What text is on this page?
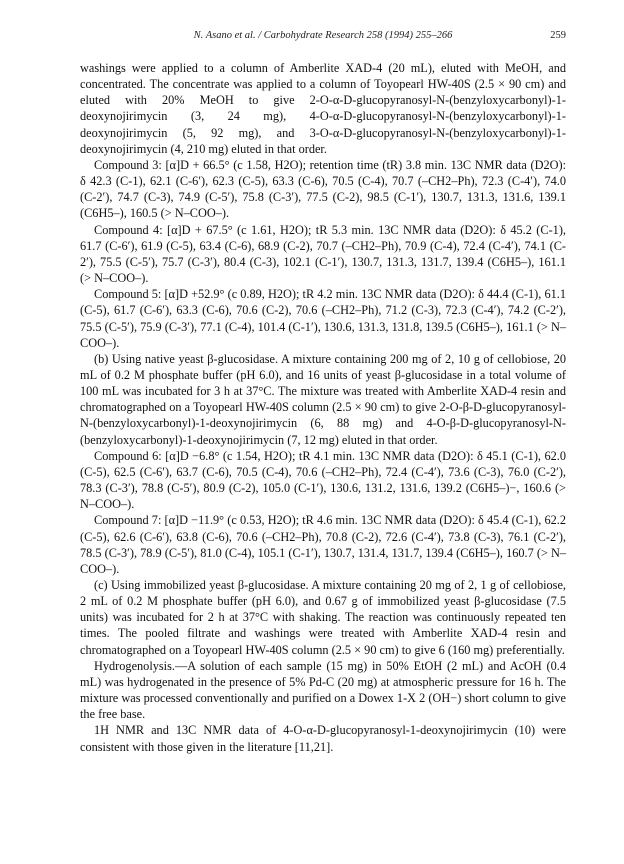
N. Asano et al. / Carbohydrate Research 258 (1994) 255–266	259

washings were applied to a column of Amberlite XAD-4 (20 mL), eluted with MeOH, and concentrated. The concentrate was applied to a column of Toyopearl HW-40S (2.5 × 90 cm) and eluted with 20% MeOH to give 2-O-α-D-glucopyranosyl-N-(benzyloxycarbonyl)-1-deoxynojirimycin (3, 24 mg), 4-O-α-D-glucopyranosyl-N-(benzyloxycarbonyl)-1-deoxynojirimycin (5, 92 mg), and 3-O-α-D-glucopyranosyl-N-(benzyloxycarbonyl)-1-deoxynojirimycin (4, 210 mg) eluted in that order.

Compound 3: [α]D + 66.5° (c 1.58, H2O); retention time (tR) 3.8 min. 13C NMR data (D2O): δ 42.3 (C-1), 62.1 (C-6′), 62.3 (C-5), 63.3 (C-6), 70.5 (C-4), 70.7 (–CH2–Ph), 72.3 (C-4′), 74.0 (C-2′), 74.7 (C-3), 74.9 (C-5′), 75.8 (C-3′), 77.5 (C-2), 98.5 (C-1′), 130.7, 131.3, 131.6, 139.1 (C6H5–), 160.5 (> N–COO–).

Compound 4: [α]D + 67.5° (c 1.61, H2O); tR 5.3 min. 13C NMR data (D2O): δ 45.2 (C-1), 61.7 (C-6′), 61.9 (C-5), 63.4 (C-6), 68.9 (C-2), 70.7 (–CH2–Ph), 70.9 (C-4), 72.4 (C-4′), 74.1 (C-2′), 75.5 (C-5′), 75.7 (C-3′), 80.4 (C-3), 102.1 (C-1′), 130.7, 131.3, 131.7, 139.4 (C6H5–), 161.1 (> N–COO–).

Compound 5: [α]D +52.9° (c 0.89, H2O); tR 4.2 min. 13C NMR data (D2O): δ 44.4 (C-1), 61.1 (C-5), 61.7 (C-6′), 63.3 (C-6), 70.6 (C-2), 70.6 (–CH2–Ph), 71.2 (C-3), 72.3 (C-4′), 74.2 (C-2′), 75.5 (C-5′), 75.9 (C-3′), 77.1 (C-4), 101.4 (C-1′), 130.6, 131.3, 131.8, 139.5 (C6H5–), 161.1 (> N–COO–).

(b) Using native yeast β-glucosidase. A mixture containing 200 mg of 2, 10 g of cellobiose, 20 mL of 0.2 M phosphate buffer (pH 6.0), and 16 units of yeast β-glucosidase in a total volume of 100 mL was incubated for 3 h at 37°C. The mixture was treated with Amberlite XAD-4 resin and chromatographed on a Toyopearl HW-40S column (2.5 × 90 cm) to give 2-O-β-D-glucopyranosyl-N-(benzyloxycarbonyl)-1-deoxynojirimycin (6, 88 mg) and 4-O-β-D-glucopyranosyl-N-(benzyloxycarbonyl)-1-deoxynojirimycin (7, 12 mg) eluted in that order.

Compound 6: [α]D −6.8° (c 1.54, H2O); tR 4.1 min. 13C NMR data (D2O): δ 45.1 (C-1), 62.0 (C-5), 62.5 (C-6′), 63.7 (C-6), 70.5 (C-4), 70.6 (–CH2–Ph), 72.4 (C-4′), 73.6 (C-3), 76.0 (C-2′), 78.3 (C-3′), 78.8 (C-5′), 80.9 (C-2), 105.0 (C-1′), 130.6, 131.2, 131.6, 139.2 (C6H5–)−, 160.6 (> N–COO–).

Compound 7: [α]D −11.9° (c 0.53, H2O); tR 4.6 min. 13C NMR data (D2O): δ 45.4 (C-1), 62.2 (C-5), 62.6 (C-6′), 63.8 (C-6), 70.6 (–CH2–Ph), 70.8 (C-2), 72.6 (C-4′), 73.8 (C-3), 76.1 (C-2′), 78.5 (C-3′), 78.9 (C-5′), 81.0 (C-4), 105.1 (C-1′), 130.7, 131.4, 131.7, 139.4 (C6H5–), 160.7 (> N–COO–).

(c) Using immobilized yeast β-glucosidase. A mixture containing 20 mg of 2, 1 g of cellobiose, 2 mL of 0.2 M phosphate buffer (pH 6.0), and 0.67 g of immobilized yeast β-glucosidase (7.5 units) was incubated for 2 h at 37°C with shaking. The reaction was continuously repeated ten times. The pooled filtrate and washings were treated with Amberlite XAD-4 resin and chromatographed on a Toyopearl HW-40S column (2.5 × 90 cm) to give 6 (160 mg) preferentially.

Hydrogenolysis.—A solution of each sample (15 mg) in 50% EtOH (2 mL) and AcOH (0.4 mL) was hydrogenated in the presence of 5% Pd-C (20 mg) at atmospheric pressure for 16 h. The mixture was processed conventionally and purified on a Dowex 1-X 2 (OH−) short column to give the free base.

1H NMR and 13C NMR data of 4-O-α-D-glucopyranosyl-1-deoxynojirimycin (10) were consistent with those given in the literature [11,21].
